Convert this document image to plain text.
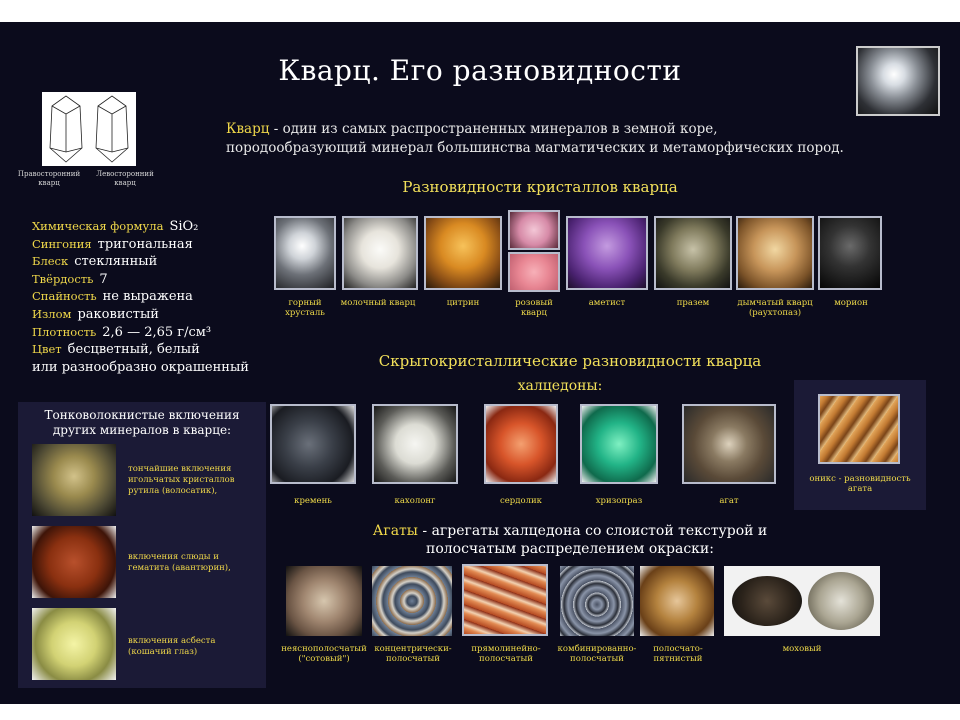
Кварц. Его разновидности
Правосторонний кварц
Левосторонний кварц
Кварц - один из самых распространенных минералов в земной коре,
породообразующий минерал большинства магматических и метаморфических пород.
Разновидности кристаллов кварца
Химическая формула SiO₂
Сингония тригональная
Блеск стеклянный
Твёрдость 7
Спайность не выражена
Излом раковистый
Плотность 2,6 — 2,65 г/см³
Цвет бесцветный, белый
или разнообразно окрашенный
горный хрусталь
молочный кварц	цитрин	розовый кварц
аметист	празем	дымчатый кварц (раухтопаз)
морион
Скрытокристаллические разновидности кварца
халцедоны:
кремень	кахолонг	сердолик	хризопраз	агат
оникс - разновидность агата
Тонковолокнистые включения
других минералов в кварце:
тончайшие включения игольчатых кристаллов рутила (волосатик),
включения слюды и гематита (авантюрин),
включения асбеста (кошачий глаз)
Агаты - агрегаты халцедона со слоистой текстурой и
полосчатым распределением окраски:
неяснополосчатый ("сотовый")
концентрически-полосчатый
прямолинейно-полосчатый
комбинированно-полосчатый
полосчато-пятнистый
моховый
